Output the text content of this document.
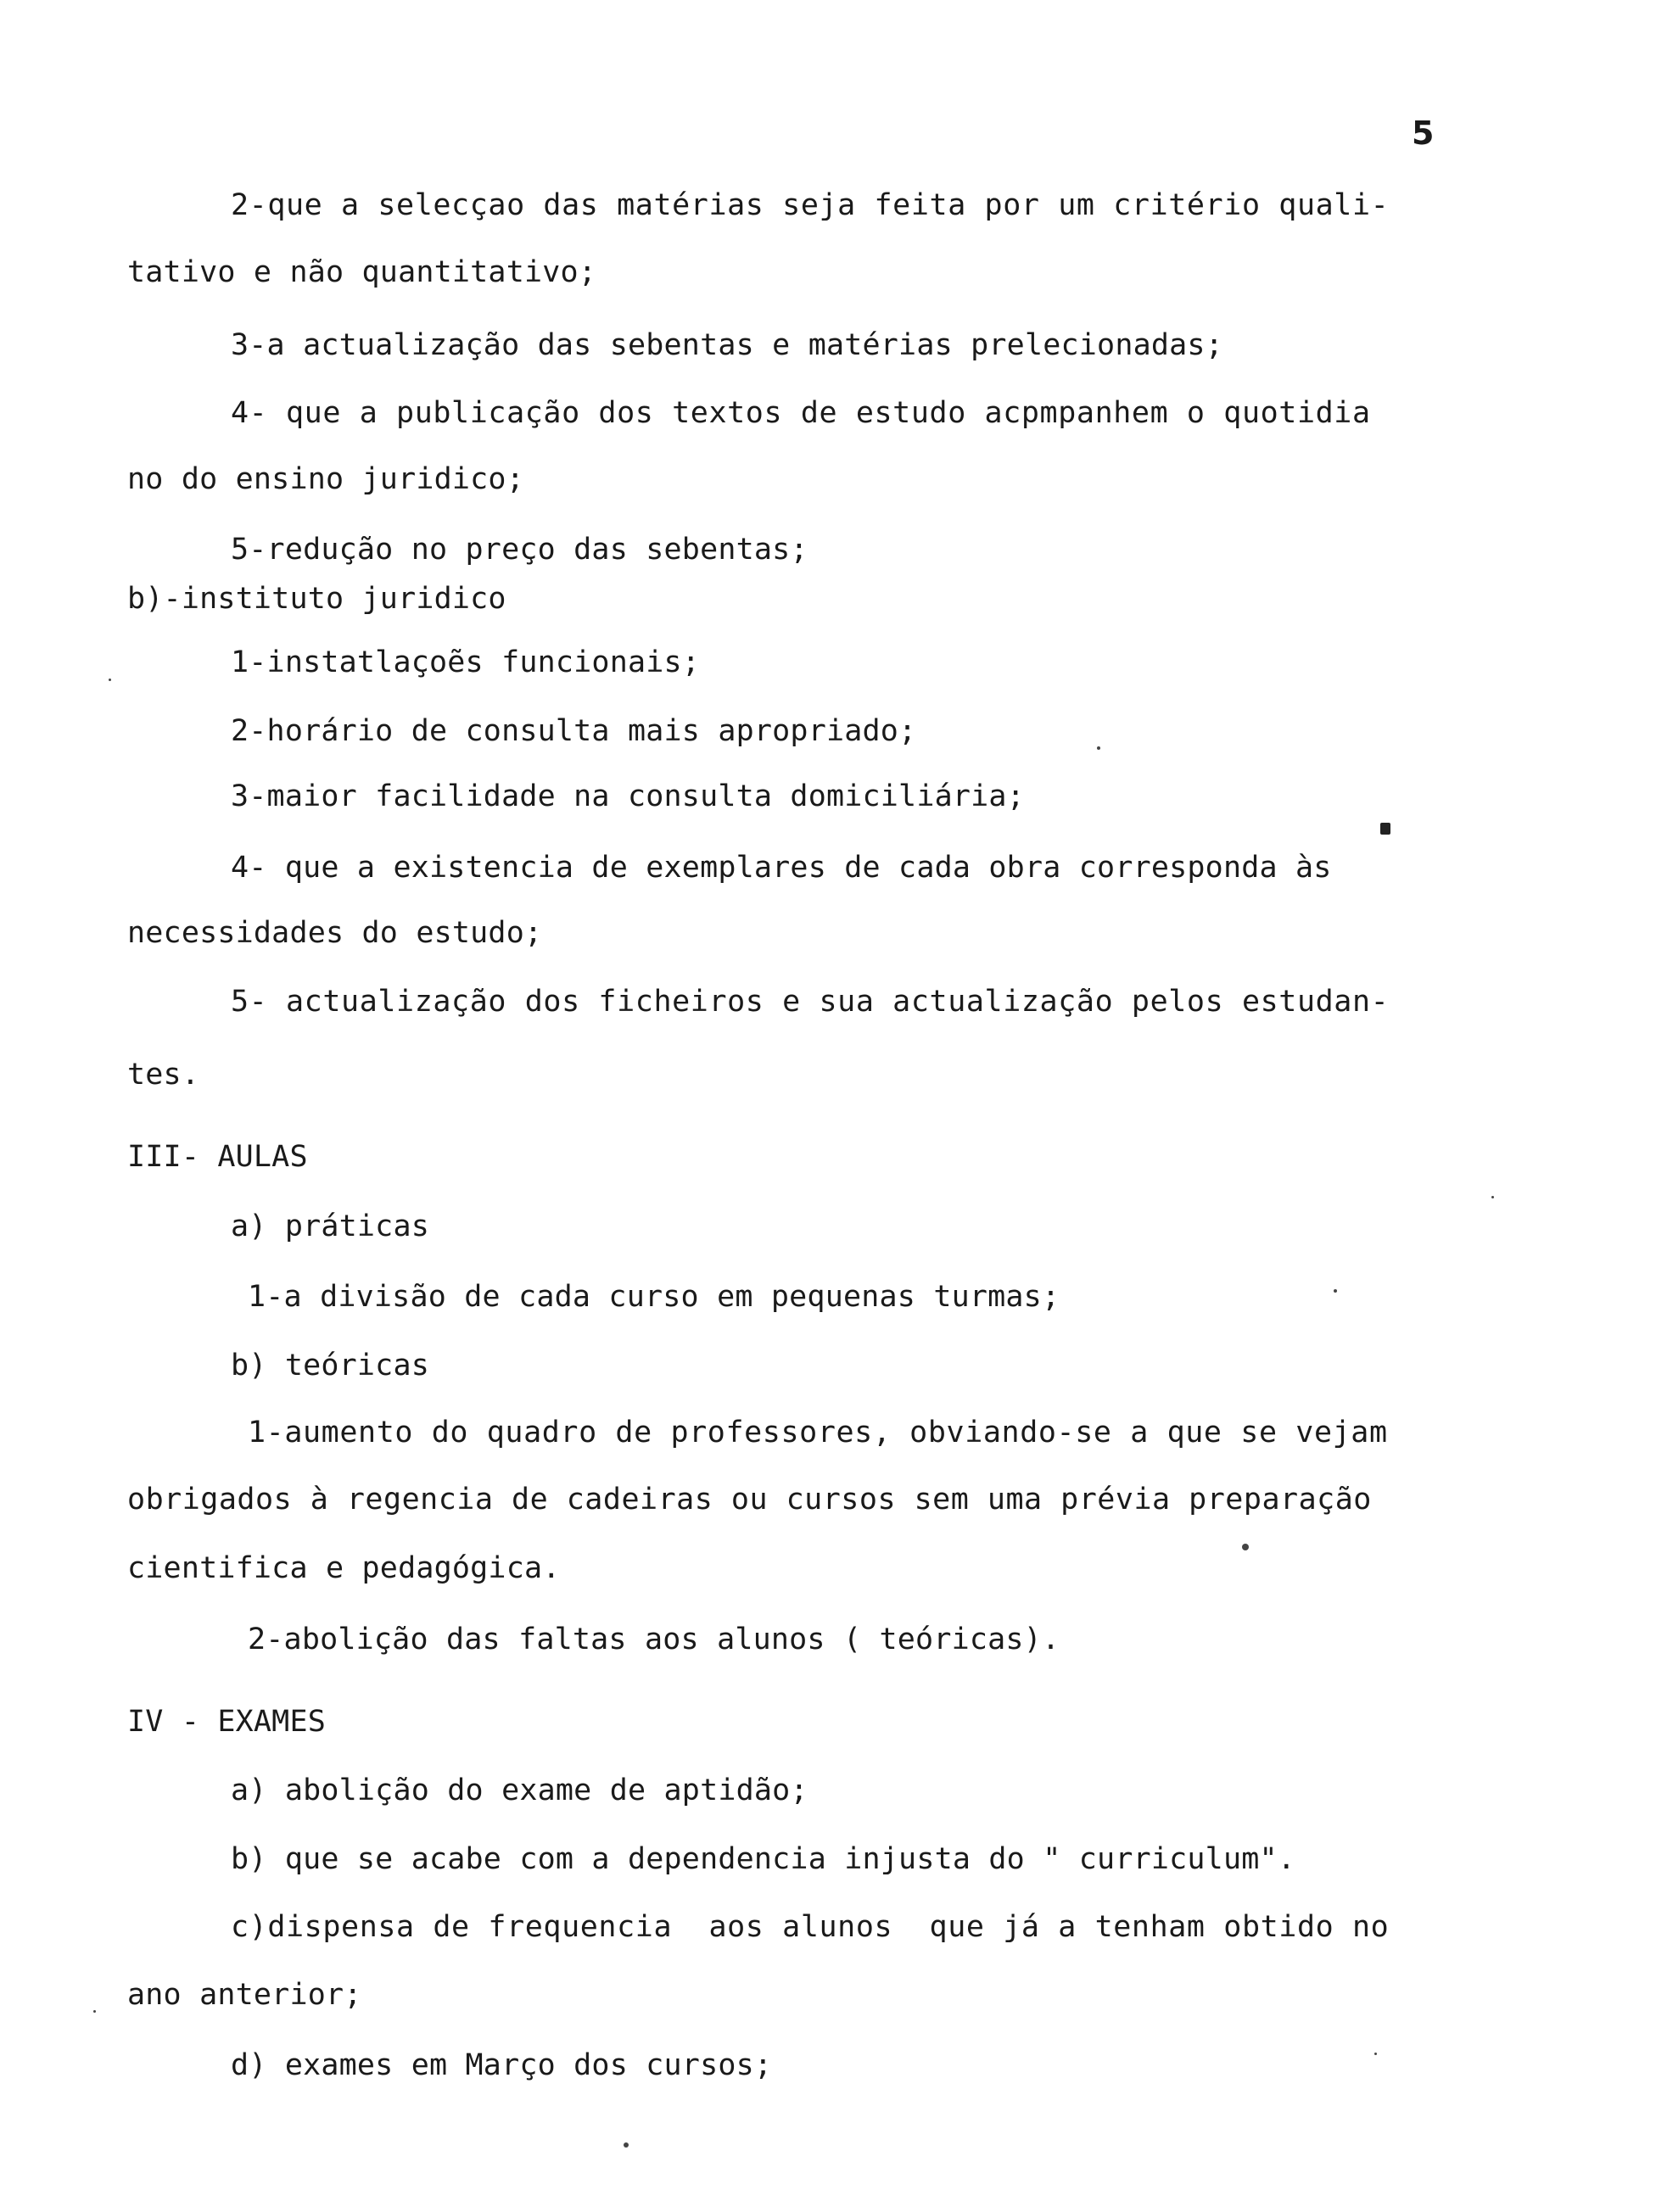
5
2-que a selecçao das matérias seja feita por um critério quali-
tativo e não quantitativo;
3-a actualização das sebentas e matérias prelecionadas;
4- que a publicação dos textos de estudo acpmpanhem o quotidia
no do ensino juridico;
5-redução no preço das sebentas;
b)-instituto juridico
1-instatlaçoẽs funcionais;
2-horário de consulta mais apropriado;
3-maior facilidade na consulta domiciliária;
4- que a existencia de exemplares de cada obra corresponda às
necessidades do estudo;
5- actualização dos ficheiros e sua actualização pelos estudan-
tes.
III- AULAS
a) práticas
1-a divisão de cada curso em pequenas turmas;
b) teóricas
1-aumento do quadro de professores, obviando-se a que se vejam
obrigados à regencia de cadeiras ou cursos sem uma prévia preparação
cientifica e pedagógica.
2-abolição das faltas aos alunos ( teóricas).
IV - EXAMES
a) abolição do exame de aptidão;
b) que se acabe com a dependencia injusta do " curriculum".
c)dispensa de frequencia  aos alunos  que já a tenham obtido no
ano anterior;
d) exames em Março dos cursos;
